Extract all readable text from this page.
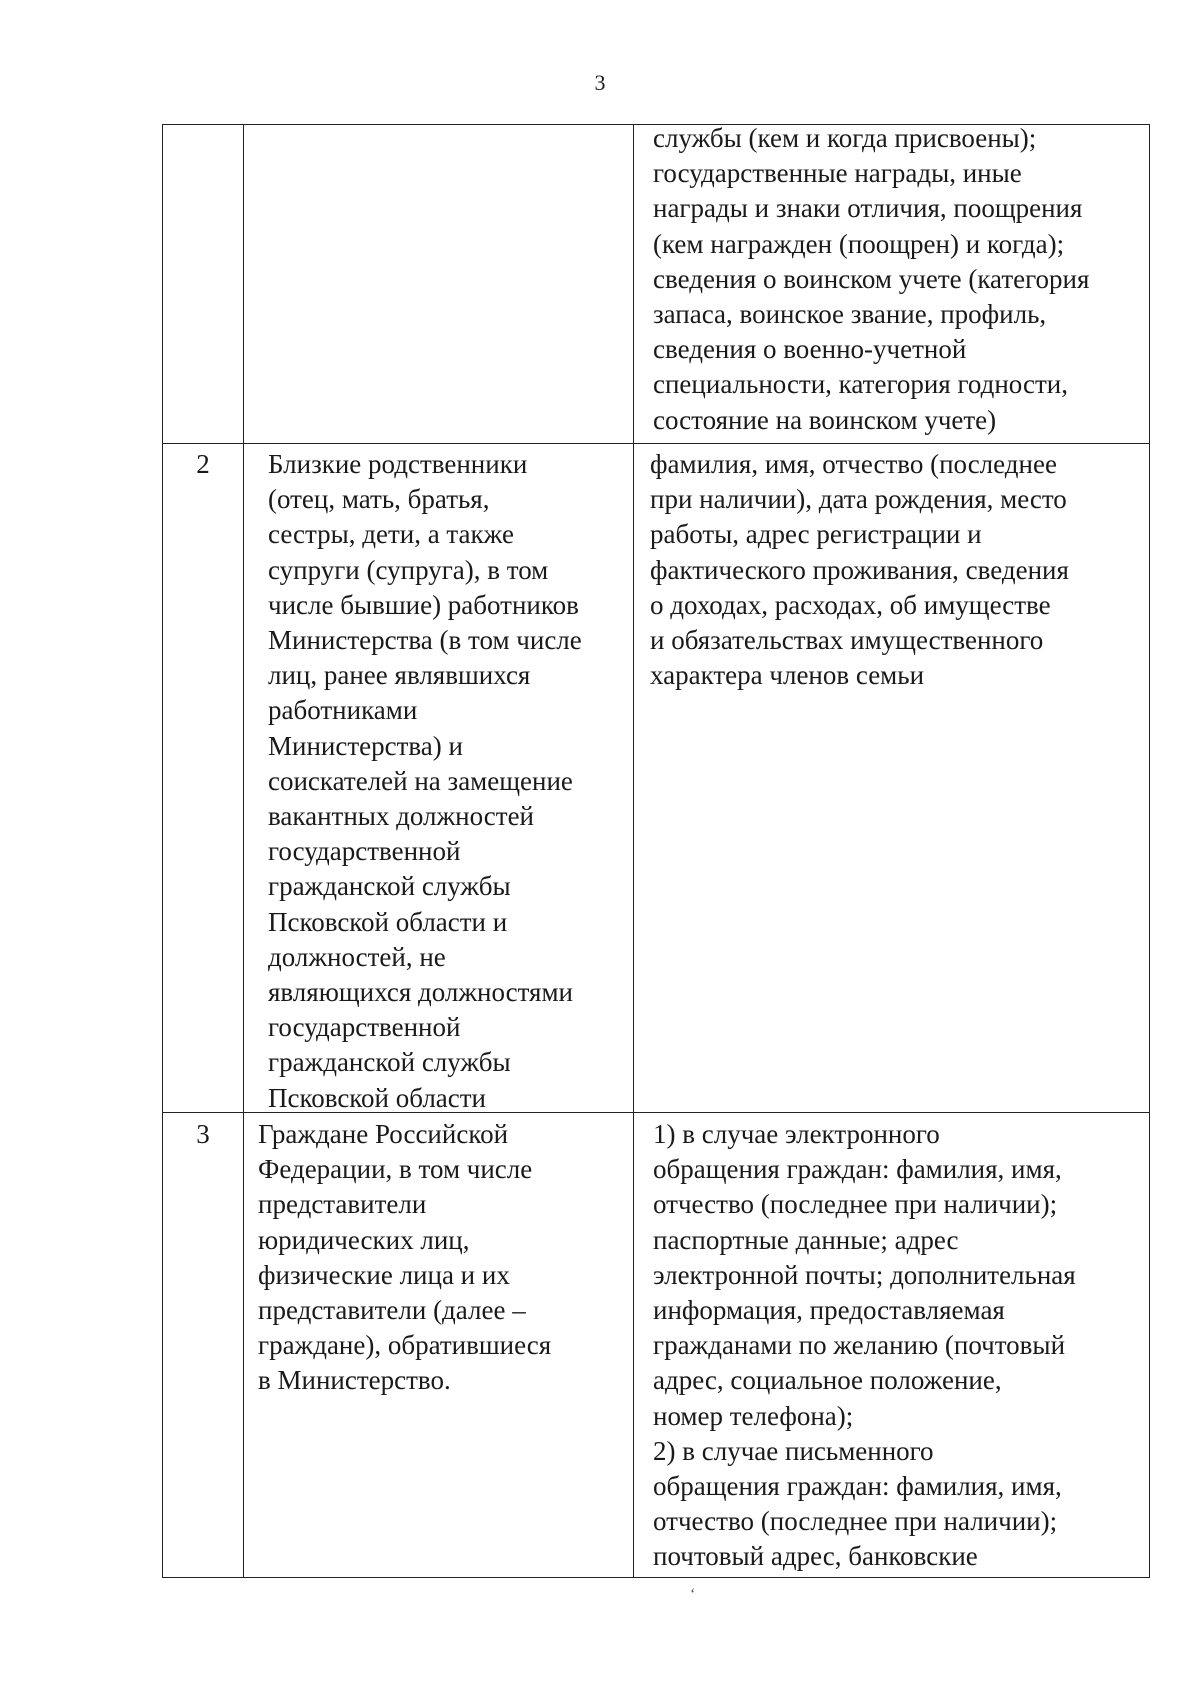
3
службы (кем и когда присвоены);
государственные награды, иные
награды и знаки отличия, поощрения
(кем награжден (поощрен) и когда);
сведения о воинском учете (категория
запаса, воинское звание, профиль,
сведения о военно-учетной
специальности, категория годности,
состояние на воинском учете)
2	Близкие родственники
(отец, мать, братья,
сестры, дети, а также
супруги (супруга), в том
числе бывшие) работников
Министерства (в том числе
лиц, ранее являвшихся
работниками
Министерства) и
соискателей на замещение
вакантных должностей
государственной
гражданской службы
Псковской области и
должностей, не
являющихся должностями
государственной
гражданской службы
Псковской области
фамилия, имя, отчество (последнее
при наличии), дата рождения, место
работы, адрес регистрации и
фактического проживания, сведения
о доходах, расходах, об имуществе
и обязательствах имущественного
характера членов семьи
3	Граждане Российской
Федерации, в том числе
представители
юридических лиц,
физические лица и их
представители (далее –
граждане), обратившиеся
в Министерство.
1) в случае электронного
обращения граждан: фамилия, имя,
отчество (последнее при наличии);
паспортные данные; адрес
электронной почты; дополнительная
информация, предоставляемая
гражданами по желанию (почтовый
адрес, социальное положение,
номер телефона);
2) в случае письменного
обращения граждан: фамилия, имя,
отчество (последнее при наличии);
почтовый адрес, банковские
‘
